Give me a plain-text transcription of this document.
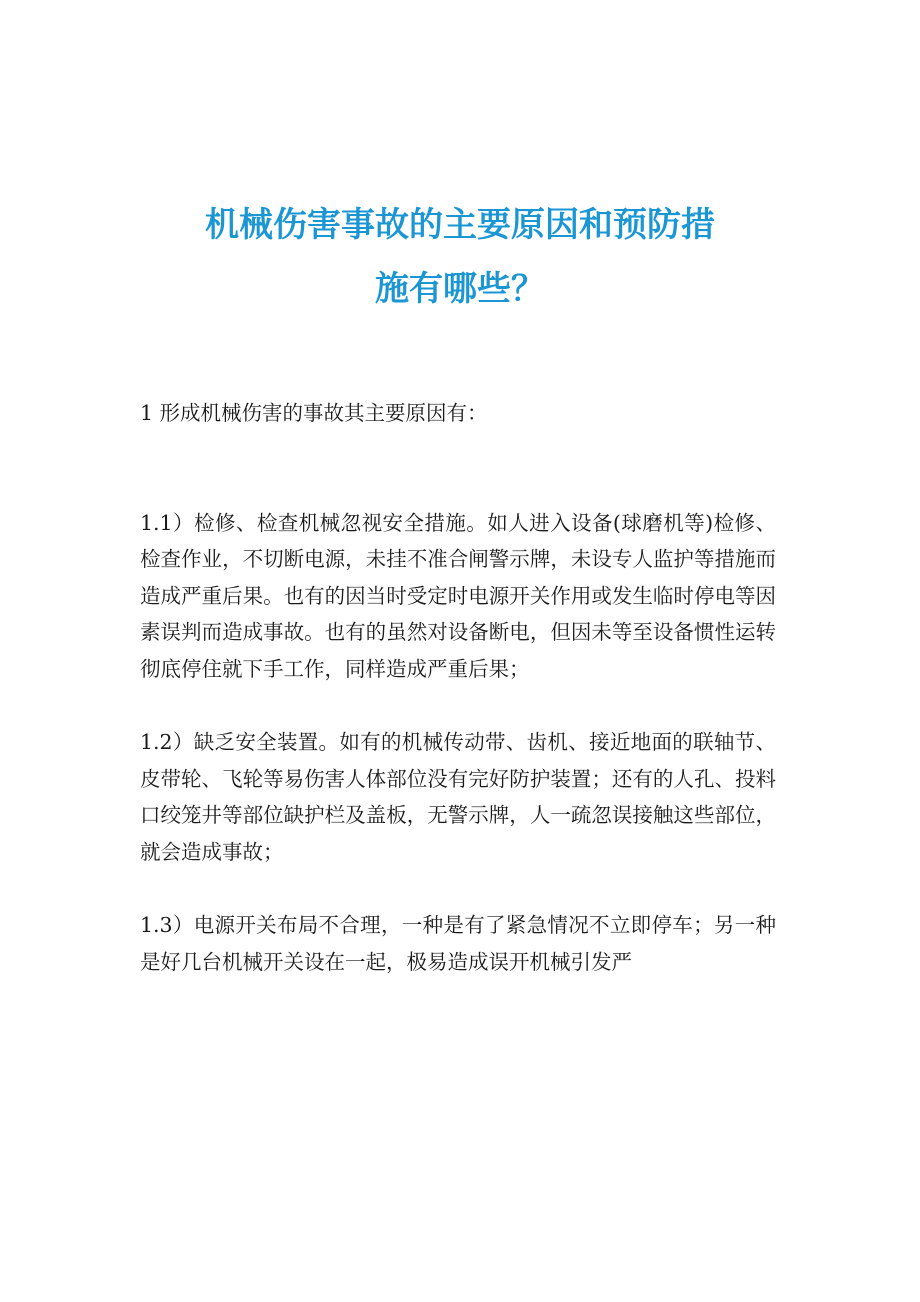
机械伤害事故的主要原因和预防措
施有哪些？

1 形成机械伤害的事故其主要原因有：

1.1）检修、检查机械忽视安全措施。如人进入设备(球磨机等)检修、检查作业，不切断电源，未挂不准合闸警示牌，未设专人监护等措施而造成严重后果。也有的因当时受定时电源开关作用或发生临时停电等因素误判而造成事故。也有的虽然对设备断电，但因未等至设备惯性运转彻底停住就下手工作，同样造成严重后果；

1.2）缺乏安全装置。如有的机械传动带、齿机、接近地面的联轴节、皮带轮、飞轮等易伤害人体部位没有完好防护装置；还有的人孔、投料口绞笼井等部位缺护栏及盖板，无警示牌，人一疏忽误接触这些部位，就会造成事故；

1.3）电源开关布局不合理，一种是有了紧急情况不立即停车；另一种是好几台机械开关设在一起，极易造成误开机械引发严
